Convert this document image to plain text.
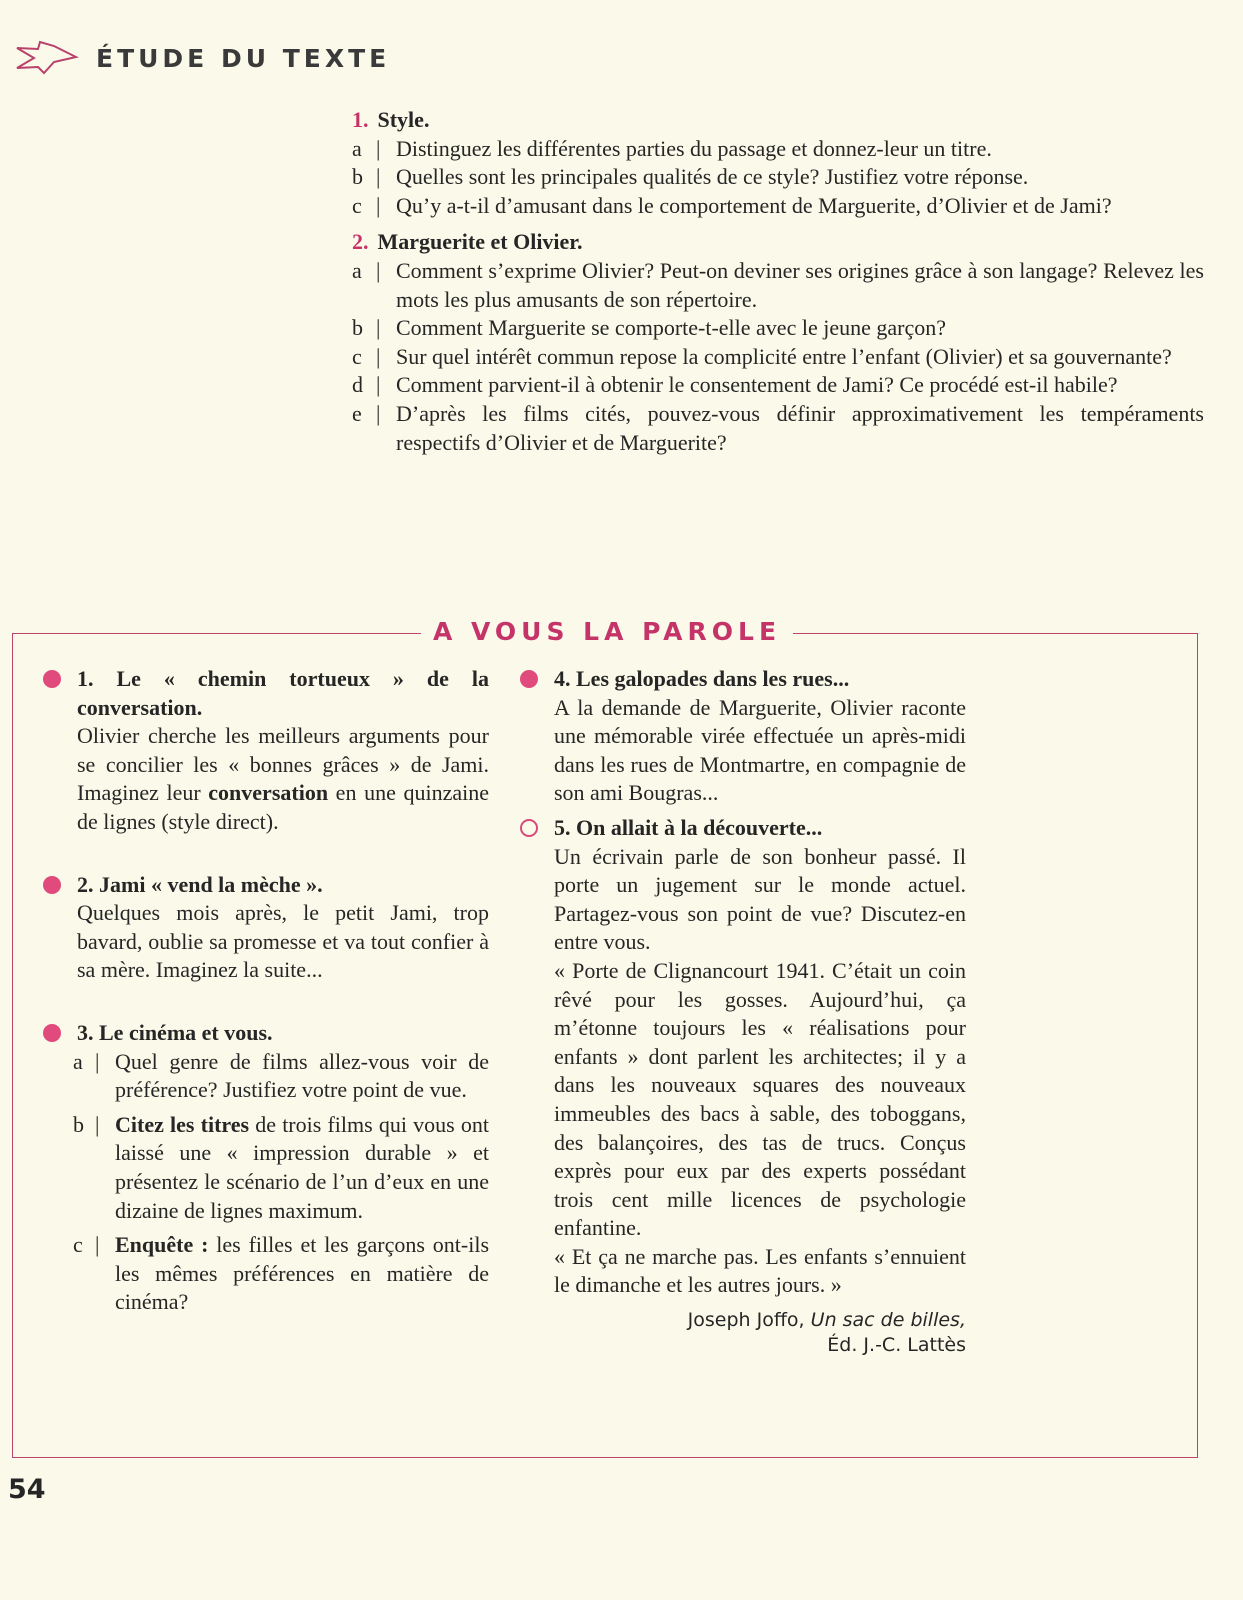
ÉTUDE DU TEXTE
1. Style.
a | Distinguez les différentes parties du passage et donnez-leur un titre.
b | Quelles sont les principales qualités de ce style? Justifiez votre réponse.
c | Qu’y a-t-il d’amusant dans le comportement de Marguerite, d’Olivier et de Jami?
2. Marguerite et Olivier.
a | Comment s’exprime Olivier? Peut-on deviner ses origines grâce à son langage? Relevez les mots les plus amusants de son répertoire.
b | Comment Marguerite se comporte-t-elle avec le jeune garçon?
c | Sur quel intérêt commun repose la complicité entre l’enfant (Olivier) et sa gouvernante?
d | Comment parvient-il à obtenir le consentement de Jami? Ce procédé est-il habile?
e | D’après les films cités, pouvez-vous définir approximativement les tempéraments respectifs d’Olivier et de Marguerite?
A VOUS LA PAROLE

1. Le « chemin tortueux » de la conversation.

Olivier cherche les meilleurs arguments pour se concilier les « bonnes grâces » de Jami. Imaginez leur conversation en une quinzaine de lignes (style direct).

2. Jami « vend la mèche ».

Quelques mois après, le petit Jami, trop bavard, oublie sa promesse et va tout confier à sa mère. Imaginez la suite...

3. Le cinéma et vous.

a | Quel genre de films allez-vous voir de préférence? Justifiez votre point de vue.
b | Citez les titres de trois films qui vous ont laissé une « impression durable » et présentez le scénario de l’un d’eux en une dizaine de lignes maximum.
c | Enquête : les filles et les garçons ont-ils les mêmes préférences en matière de cinéma?

4. Les galopades dans les rues...

A la demande de Marguerite, Olivier raconte une mémorable virée effectuée un après-midi dans les rues de Montmartre, en compagnie de son ami Bougras...

5. On allait à la découverte...

Un écrivain parle de son bonheur passé. Il porte un jugement sur le monde actuel. Partagez-vous son point de vue? Discutez-en entre vous.

« Porte de Clignancourt 1941. C’était un coin rêvé pour les gosses. Aujourd’hui, ça m’étonne toujours les « réalisations pour enfants » dont parlent les architectes; il y a dans les nouveaux squares des nouveaux immeubles des bacs à sable, des toboggans, des balançoires, des tas de trucs. Conçus exprès pour eux par des experts possédant trois cent mille licences de psychologie enfantine.

« Et ça ne marche pas. Les enfants s’ennuient le dimanche et les autres jours. »

Joseph Joffo, Un sac de billes,
Éd. J.-C. Lattès
54
